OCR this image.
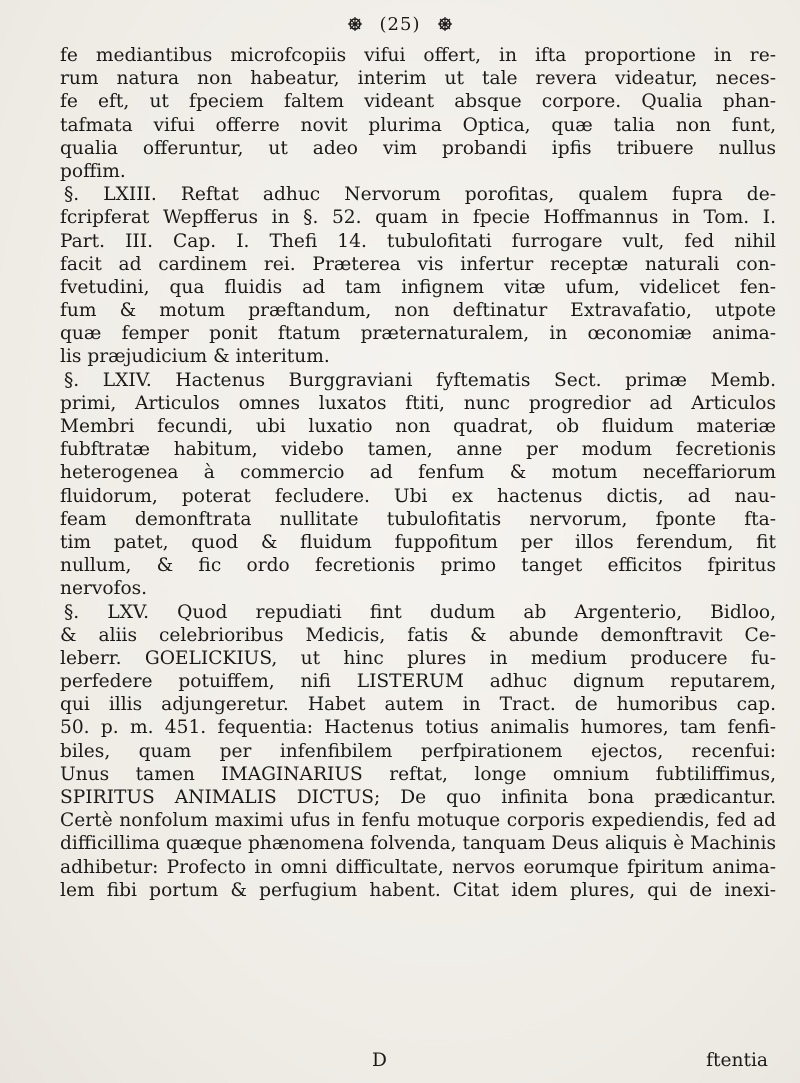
(25)
fe mediantibus microfcopiis vifui offert, in ifta proportione in re-
rum natura non habeatur, interim ut tale revera videatur, neces-
fe eft, ut fpeciem faltem videant absque corpore. Qualia phan-
tafmata vifui offerre novit plurima Optica, quæ talia non funt,
qualia offeruntur, ut adeo vim probandi ipfis tribuere nullus
poffim.
§. LXIII. Reftat adhuc Nervorum porofitas, qualem fupra de-
fcripferat Wepfferus in §. 52. quam in fpecie Hoffmannus in Tom. I.
Part. III. Cap. I. Thefi 14. tubulofitati furrogare vult, fed nihil
facit ad cardinem rei. Præterea vis infertur receptæ naturali con-
fvetudini, qua fluidis ad tam infignem vitæ ufum, videlicet fen-
fum & motum præftandum, non deftinatur Extravafatio, utpote
quæ femper ponit ftatum præternaturalem, in œconomiæ anima-
lis præjudicium & interitum.
§. LXIV. Hactenus Burggraviani fyftematis Sect. primæ Memb.
primi, Articulos omnes luxatos ftiti, nunc progredior ad Articulos
Membri fecundi, ubi luxatio non quadrat, ob fluidum materiæ
fubftratæ habitum, videbo tamen, anne per modum fecretionis
heterogenea à commercio ad fenfum & motum neceffariorum
fluidorum, poterat fecludere. Ubi ex hactenus dictis, ad nau-
feam demonftrata nullitate tubulofitatis nervorum, fponte fta-
tim patet, quod & fluidum fuppofitum per illos ferendum, fit
nullum, & fic ordo fecretionis primo tanget efficitos fpiritus
nervofos.
§. LXV. Quod repudiati fint dudum ab Argenterio, Bidloo,
& aliis celebrioribus Medicis, fatis & abunde demonftravit Ce-
leberr. GOELICKIUS, ut hinc plures in medium producere fu-
perfedere potuiffem, nifi LISTERUM adhuc dignum reputarem,
qui illis adjungeretur. Habet autem in Tract. de humoribus cap.
50. p. m. 451. fequentia: Hactenus totius animalis humores, tam fenfi-
biles, quam per infenfibilem perfpirationem ejectos, recenfui:
Unus tamen IMAGINARIUS reftat, longe omnium fubtiliffimus,
SPIRITUS ANIMALIS DICTUS; De quo infinita bona prædicantur.
Certè nonfolum maximi ufus in fenfu motuque corporis expediendis, fed ad
difficillima quæque phænomena folvenda, tanquam Deus aliquis è Machinis
adhibetur: Profecto in omni difficultate, nervos eorumque fpiritum anima-
lem fibi portum & perfugium habent. Citat idem plures, qui de inexi-
D	ftentia
